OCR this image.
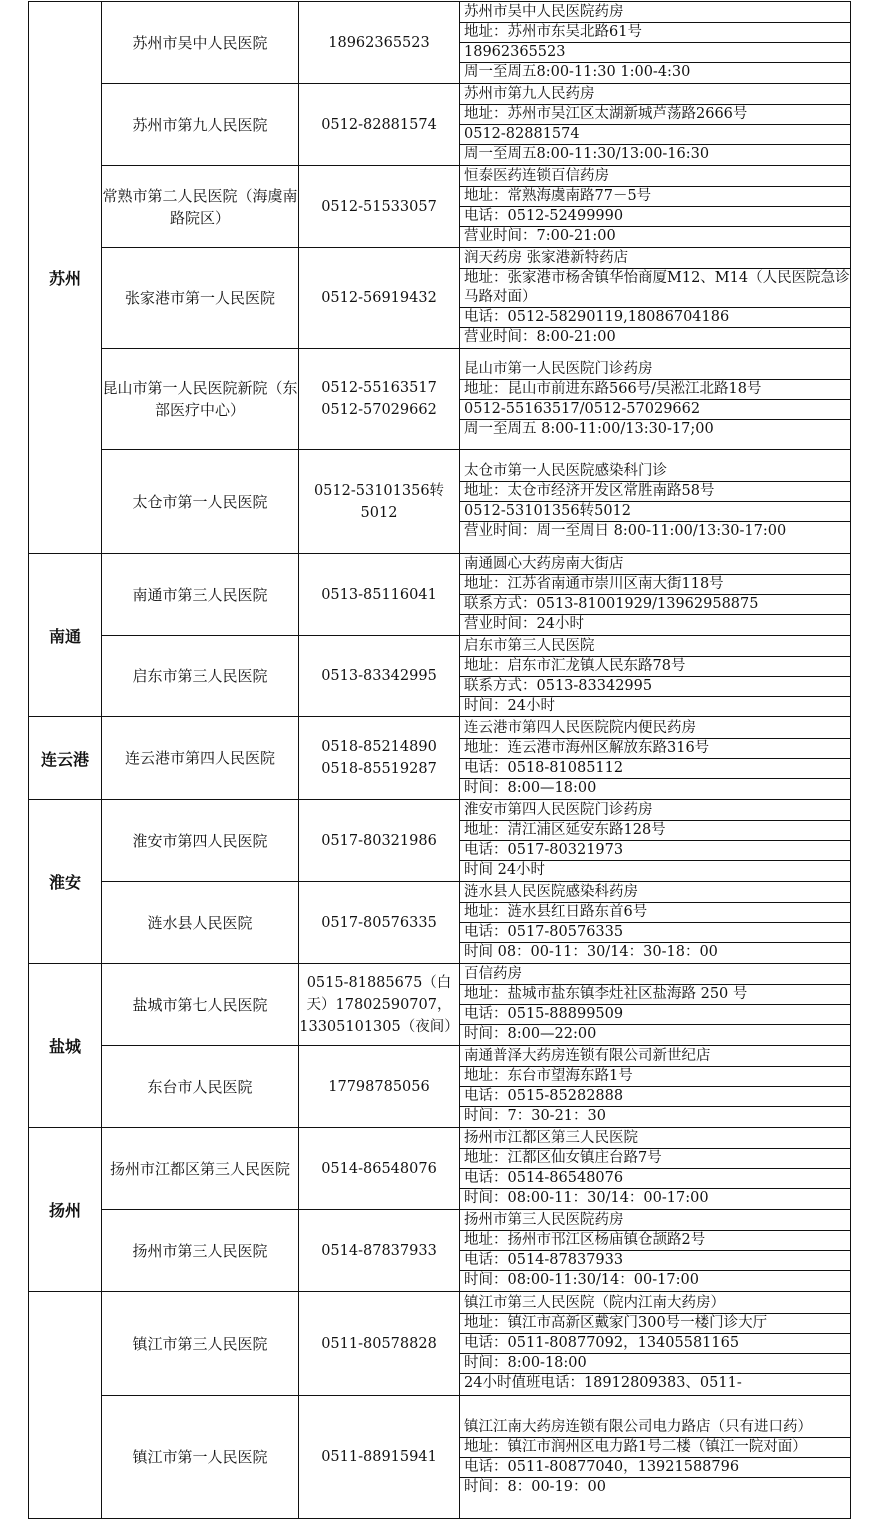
苏州	苏州市吴中人民医院	18962365523	苏州市吴中人民医院药房
地址：苏州市东吴北路61号
18962365523
周一至周五8:00-11:30 1:00-4:30

	苏州市第九人民医院	0512-82881574	苏州市第九人民药房
地址：苏州市吴江区太湖新城芦荡路2666号
0512-82881574
周一至周五8:00-11:30/13:00-16:30

	常熟市第二人民医院（海虞南路院区）	0512-51533057	恒泰医药连锁百信药房
地址：常熟海虞南路77－5号
电话：0512-52499990
营业时间：7:00-21:00

	张家港市第一人民医院	0512-56919432	润天药房 张家港新特药店
地址：张家港市杨舍镇华怡商厦M12、M14（人民医院急诊马路对面）
电话：0512-58290119,18086704186
营业时间：8:00-21:00

	昆山市第一人民医院新院（东部医疗中心）	0512-55163517 0512-57029662	昆山市第一人民医院门诊药房
地址：昆山市前进东路566号/吴淞江北路18号
0512-55163517/0512-57029662
周一至周五 8:00-11:00/13:30-17;00

	太仓市第一人民医院	0512-53101356转5012	太仓市第一人民医院感染科门诊
地址：太仓市经济开发区常胜南路58号
0512-53101356转5012
营业时间：周一至周日 8:00-11:00/13:30-17:00

南通	南通市第三人民医院	0513-85116041	南通圆心大药房南大街店
地址：江苏省南通市崇川区南大街118号
联系方式：0513-81001929/13962958875
营业时间：24小时

	启东市第三人民医院	0513-83342995	启东市第三人民医院
地址：启东市汇龙镇人民东路78号
联系方式：0513-83342995
时间：24小时

连云港	连云港市第四人民医院	0518-85214890 0518-85519287	连云港市第四人民医院院内便民药房
地址：连云港市海州区解放东路316号
电话：0518-81085112
时间：8:00—18:00

淮安	淮安市第四人民医院	0517-80321986	淮安市第四人民医院门诊药房
地址：清江浦区延安东路128号
电话：0517-80321973
时间 24小时

	涟水县人民医院	0517-80576335	涟水县人民医院感染科药房
地址：涟水县红日路东首6号
电话：0517-80576335
时间 08：00-11：30/14：30-18：00

盐城	盐城市第七人民医院	0515-81885675（白天）17802590707，13305101305（夜间）	百信药房
地址：盐城市盐东镇李灶社区盐海路 250 号
电话：0515-88899509
时间：8:00—22:00

	东台市人民医院	17798785056	南通普泽大药房连锁有限公司新世纪店
地址：东台市望海东路1号
电话：0515-85282888
时间：7：30-21：30

扬州	扬州市江都区第三人民医院	0514-86548076	扬州市江都区第三人民医院
地址：江都区仙女镇庄台路7号
电话：0514-86548076
时间：08:00-11：30/14：00-17:00

	扬州市第三人民医院	0514-87837933	扬州市第三人民医院药房
地址：扬州市邗江区杨庙镇仓颉路2号
电话：0514-87837933
时间：08:00-11:30/14：00-17:00

	镇江市第三人民医院	0511-80578828	镇江市第三人民医院（院内江南大药房）
地址：镇江市高新区戴家门300号一楼门诊大厅
电话：0511-80877092，13405581165
时间：8:00-18:00
24小时值班电话：18912809383、0511-

	镇江市第一人民医院	0511-88915941	镇江江南大药房连锁有限公司电力路店（只有进口药）
地址：镇江市润州区电力路1号二楼（镇江一院对面）
电话：0511-80877040，13921588796
时间：8：00-19：00
